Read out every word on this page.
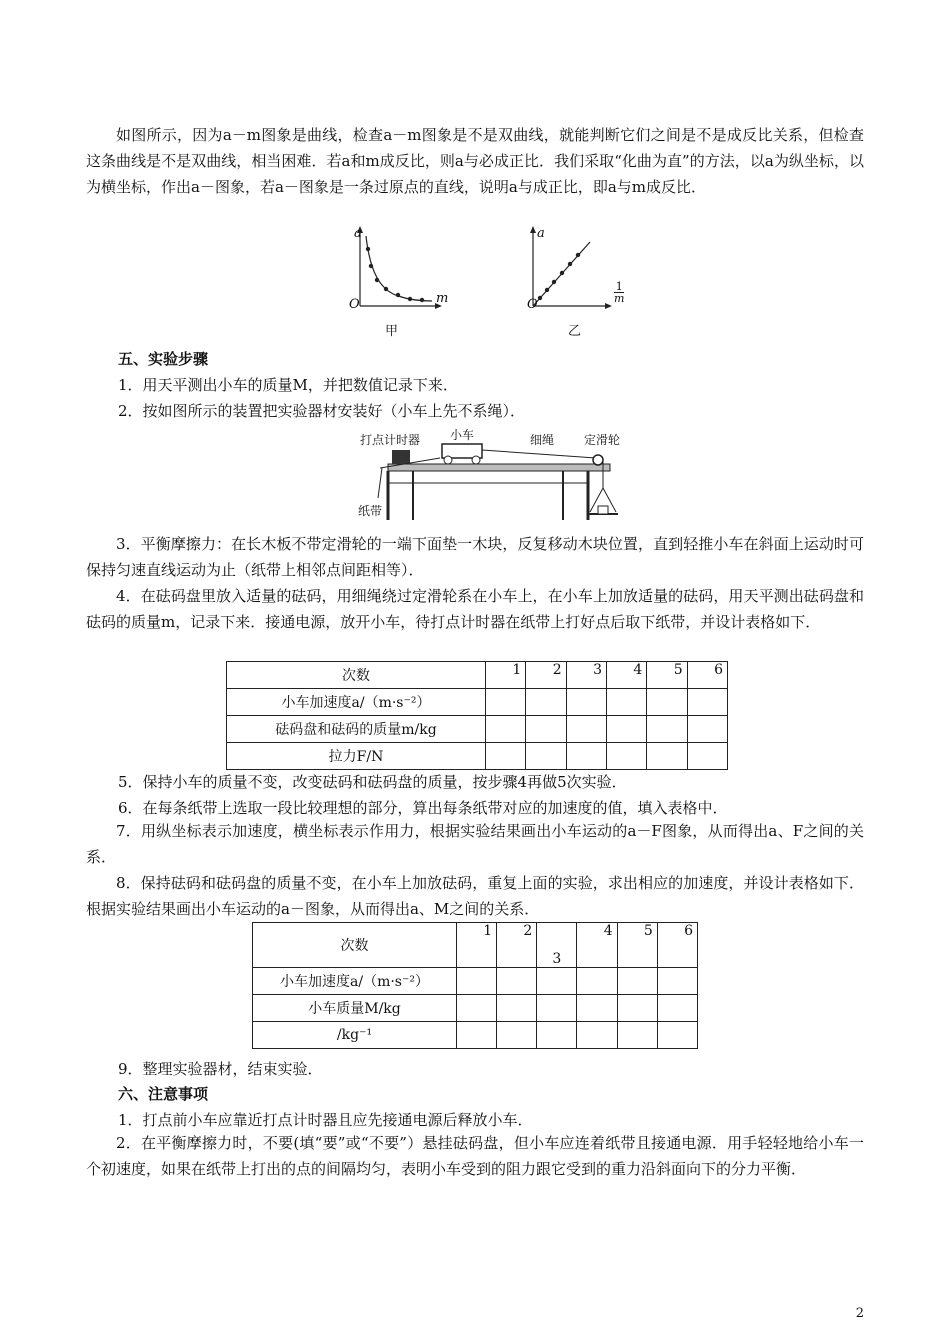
如图所示，因为a－m图象是曲线，检查a－m图象是不是双曲线，就能判断它们之间是不是成反比关系，但检查这条曲线是不是双曲线，相当困难．若a和m成反比，则a与必成正比．我们采取“化曲为直”的方法，以a为纵坐标，以为横坐标，作出a－图象，若a－图象是一条过原点的直线，说明a与成正比，即a与m成反比．
a
m
O
甲
a
O
$\frac{1}{m}$
乙
五、实验步骤
1．用天平测出小车的质量M，并把数值记录下来．
2．按如图所示的装置把实验器材安装好（小车上先不系绳）．
打点计时器 小车	细绳 定滑轮
纸带
3．平衡摩擦力：在长木板不带定滑轮的一端下面垫一木块，反复移动木块位置，直到轻推小车在斜面上运动时可保持匀速直线运动为止（纸带上相邻点间距相等）．
4．在砝码盘里放入适量的砝码，用细绳绕过定滑轮系在小车上，在小车上加放适量的砝码，用天平测出砝码盘和砝码的质量m，记录下来．接通电源，放开小车，待打点计时器在纸带上打好点后取下纸带，并设计表格如下．
次数	1	2	3	4	5	6
小车加速度a/（m·s⁻²）						
砝码盘和砝码的质量m/kg						
拉力F/N						
5．保持小车的质量不变，改变砝码和砝码盘的质量，按步骤4再做5次实验．
6．在每条纸带上选取一段比较理想的部分，算出每条纸带对应的加速度的值，填入表格中．
7．用纵坐标表示加速度，横坐标表示作用力，根据实验结果画出小车运动的a－F图象，从而得出a、F之间的关系．
8．保持砝码和砝码盘的质量不变，在小车上加放砝码，重复上面的实验，求出相应的加速度，并设计表格如下．根据实验结果画出小车运动的a－图象，从而得出a、M之间的关系．
次数	1	2	3	4	5	6
小车加速度a/（m·s⁻²）						
小车质量M/kg						
/kg⁻¹						
9．整理实验器材，结束实验．
六、注意事项
1．打点前小车应靠近打点计时器且应先接通电源后释放小车．
2．在平衡摩擦力时，不要(填“要”或“不要”）悬挂砝码盘，但小车应连着纸带且接通电源．用手轻轻地给小车一个初速度，如果在纸带上打出的点的间隔均匀，表明小车受到的阻力跟它受到的重力沿斜面向下的分力平衡．
2
